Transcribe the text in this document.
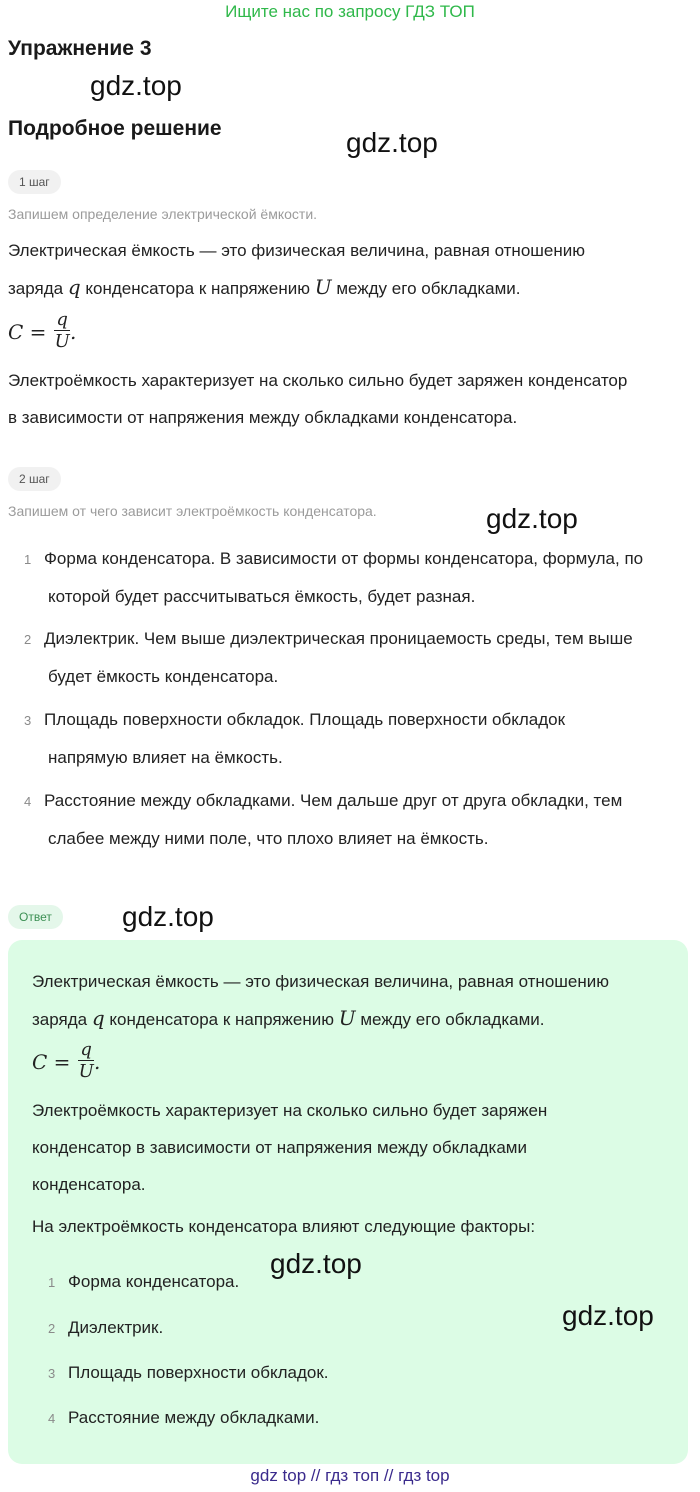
Ищите нас по запросу ГДЗ ТОП
Упражнение 3
gdz.top
Подробное решение	gdz.top
1 шаг
Запишем определение электрической ёмкости.
Электрическая ёмкость — это физическая величина, равная отношению
заряда q конденсатора к напряжению U между его обкладками.
$C = \frac{q}{U}$ .
Электроёмкость характеризует на сколько сильно будет заряжен конденсатор
в зависимости от напряжения между обкладками конденсатора.
2 шаг
Запишем от чего зависит электроёмкость конденсатора.	gdz.top
1 Форма конденсатора. В зависимости от формы конденсатора, формула, по
которой будет рассчитываться ёмкость, будет разная.
2 Диэлектрик. Чем выше диэлектрическая проницаемость среды, тем выше
будет ёмкость конденсатора.
3 Площадь поверхности обкладок. Площадь поверхности обкладок
напрямую влияет на ёмкость.
4 Расстояние между обкладками. Чем дальше друг от друга обкладки, тем
слабее между ними поле, что плохо влияет на ёмкость.
Ответ	gdz.top
Электрическая ёмкость — это физическая величина, равная отношению
заряда q конденсатора к напряжению U между его обкладками.
$C = \frac{q}{U}$ .
Электроёмкость характеризует на сколько сильно будет заряжен
конденсатор в зависимости от напряжения между обкладками
конденсатора.
На электроёмкость конденсатора влияют следующие факторы:
gdz.top
gdz.top
1 Форма конденсатора.
2 Диэлектрик.
3 Площадь поверхности обкладок.
4 Расстояние между обкладками.
gdz top // гдз топ // гдз top
